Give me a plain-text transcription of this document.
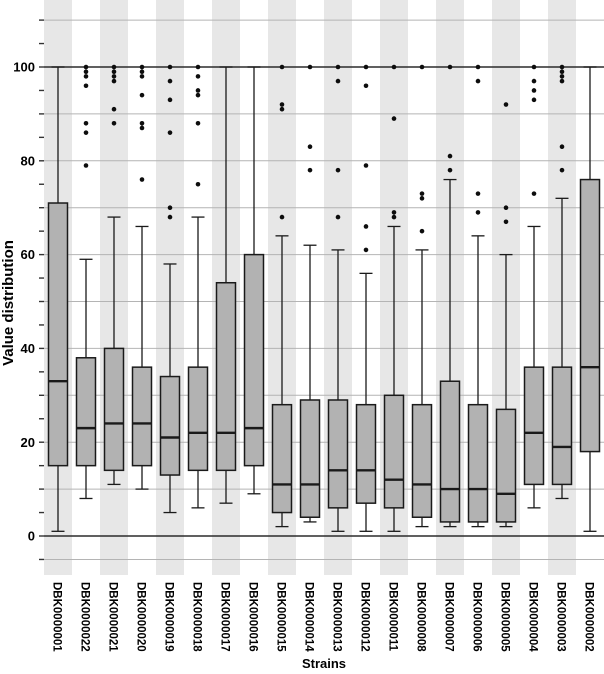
0
20
40
60
80
100
DBK0000001 DBK0000022 DBK0000021 DBK0000020 DBK0000019 DBK0000018 DBK0000017 DBK0000016 DBK0000015 DBK0000014 DBK0000013 DBK0000012 DBK0000011 DBK0000008 DBK0000007 DBK0000006 DBK0000005 DBK0000004 DBK0000003 DBK0000002
Strains
Value distribution
